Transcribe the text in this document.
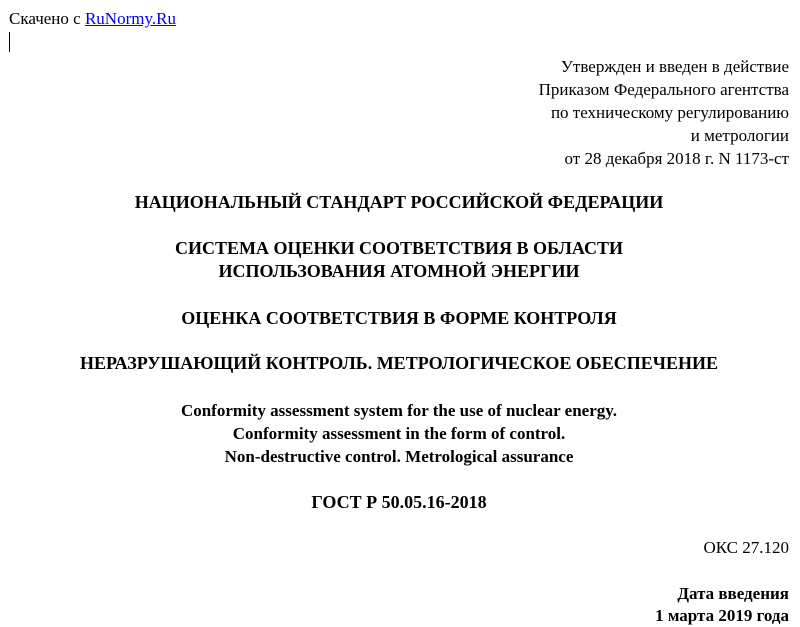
Скачено с RuNormy.Ru
Утвержден и введен в действие
Приказом Федерального агентства
по техническому регулированию
и метрологии
от 28 декабря 2018 г. N 1173-ст
НАЦИОНАЛЬНЫЙ СТАНДАРТ РОССИЙСКОЙ ФЕДЕРАЦИИ
СИСТЕМА ОЦЕНКИ СООТВЕТСТВИЯ В ОБЛАСТИ
ИСПОЛЬЗОВАНИЯ АТОМНОЙ ЭНЕРГИИ
ОЦЕНКА СООТВЕТСТВИЯ В ФОРМЕ КОНТРОЛЯ
НЕРАЗРУШАЮЩИЙ КОНТРОЛЬ. МЕТРОЛОГИЧЕСКОЕ ОБЕСПЕЧЕНИЕ
Conformity assessment system for the use of nuclear energy.
Conformity assessment in the form of control.
Non-destructive control. Metrological assurance
ГОСТ Р 50.05.16-2018
ОКС 27.120
Дата введения
1 марта 2019 года
